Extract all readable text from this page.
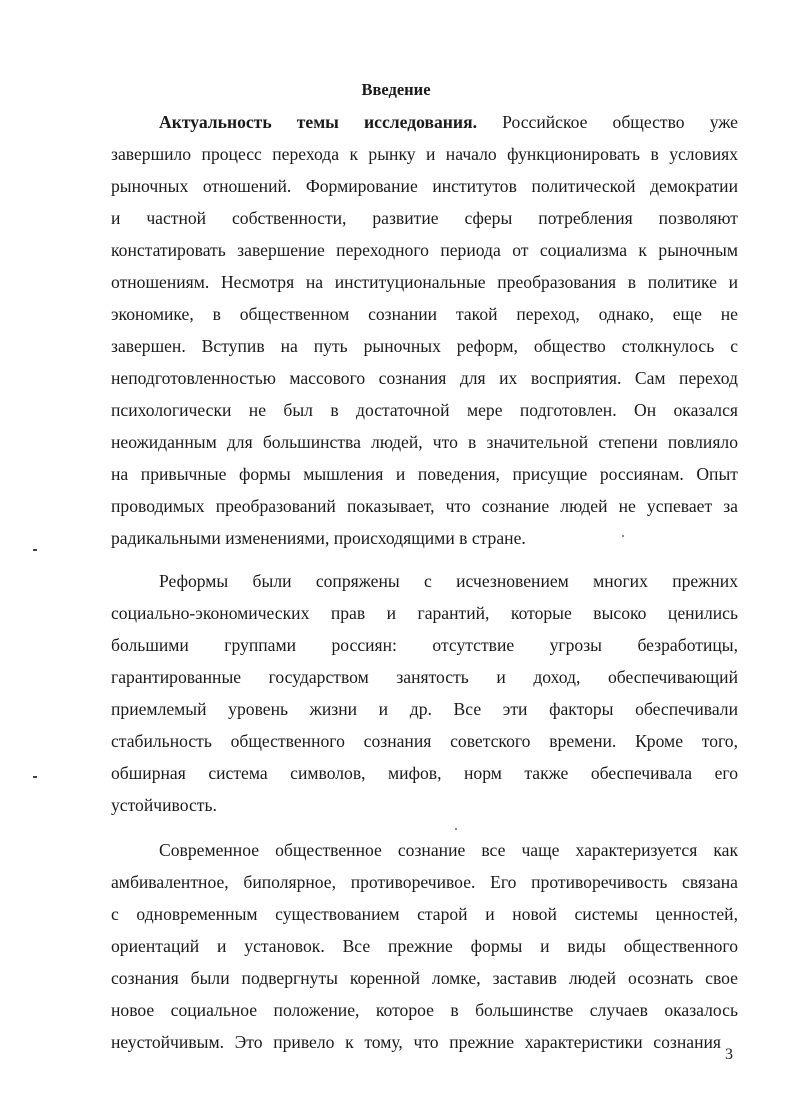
Введение
Актуальность темы исследования. Российское общество уже
завершило процесс перехода к рынку и начало функционировать в условиях
рыночных отношений. Формирование институтов политической демократии
и частной собственности, развитие сферы потребления позволяют
констатировать завершение переходного периода от социализма к рыночным
отношениям. Несмотря на институциональные преобразования в политике и
экономике, в общественном сознании такой переход, однако, еще не
завершен. Вступив на путь рыночных реформ, общество столкнулось с
неподготовленностью массового сознания для их восприятия. Сам переход
психологически не был в достаточной мере подготовлен. Он оказался
неожиданным для большинства людей, что в значительной степени повлияло
на привычные формы мышления и поведения, присущие россиянам. Опыт
проводимых преобразований показывает, что сознание людей не успевает за
радикальными изменениями, происходящими в стране.
Реформы были сопряжены с исчезновением многих прежних
социально-экономических прав и гарантий, которые высоко ценились
большими группами россиян: отсутствие угрозы безработицы,
гарантированные государством занятость и доход, обеспечивающий
приемлемый уровень жизни и др. Все эти факторы обеспечивали
стабильность общественного сознания советского времени. Кроме того,
обширная система символов, мифов, норм также обеспечивала его
устойчивость.
Современное общественное сознание все чаще характеризуется как
амбивалентное, биполярное, противоречивое. Его противоречивость связана
с одновременным существованием старой и новой системы ценностей,
ориентаций и установок. Все прежние формы и виды общественного
сознания были подвергнуты коренной ломке, заставив людей осознать свое
новое социальное положение, которое в большинстве случаев оказалось
неустойчивым. Это привело к тому, что прежние характеристики сознания
3
